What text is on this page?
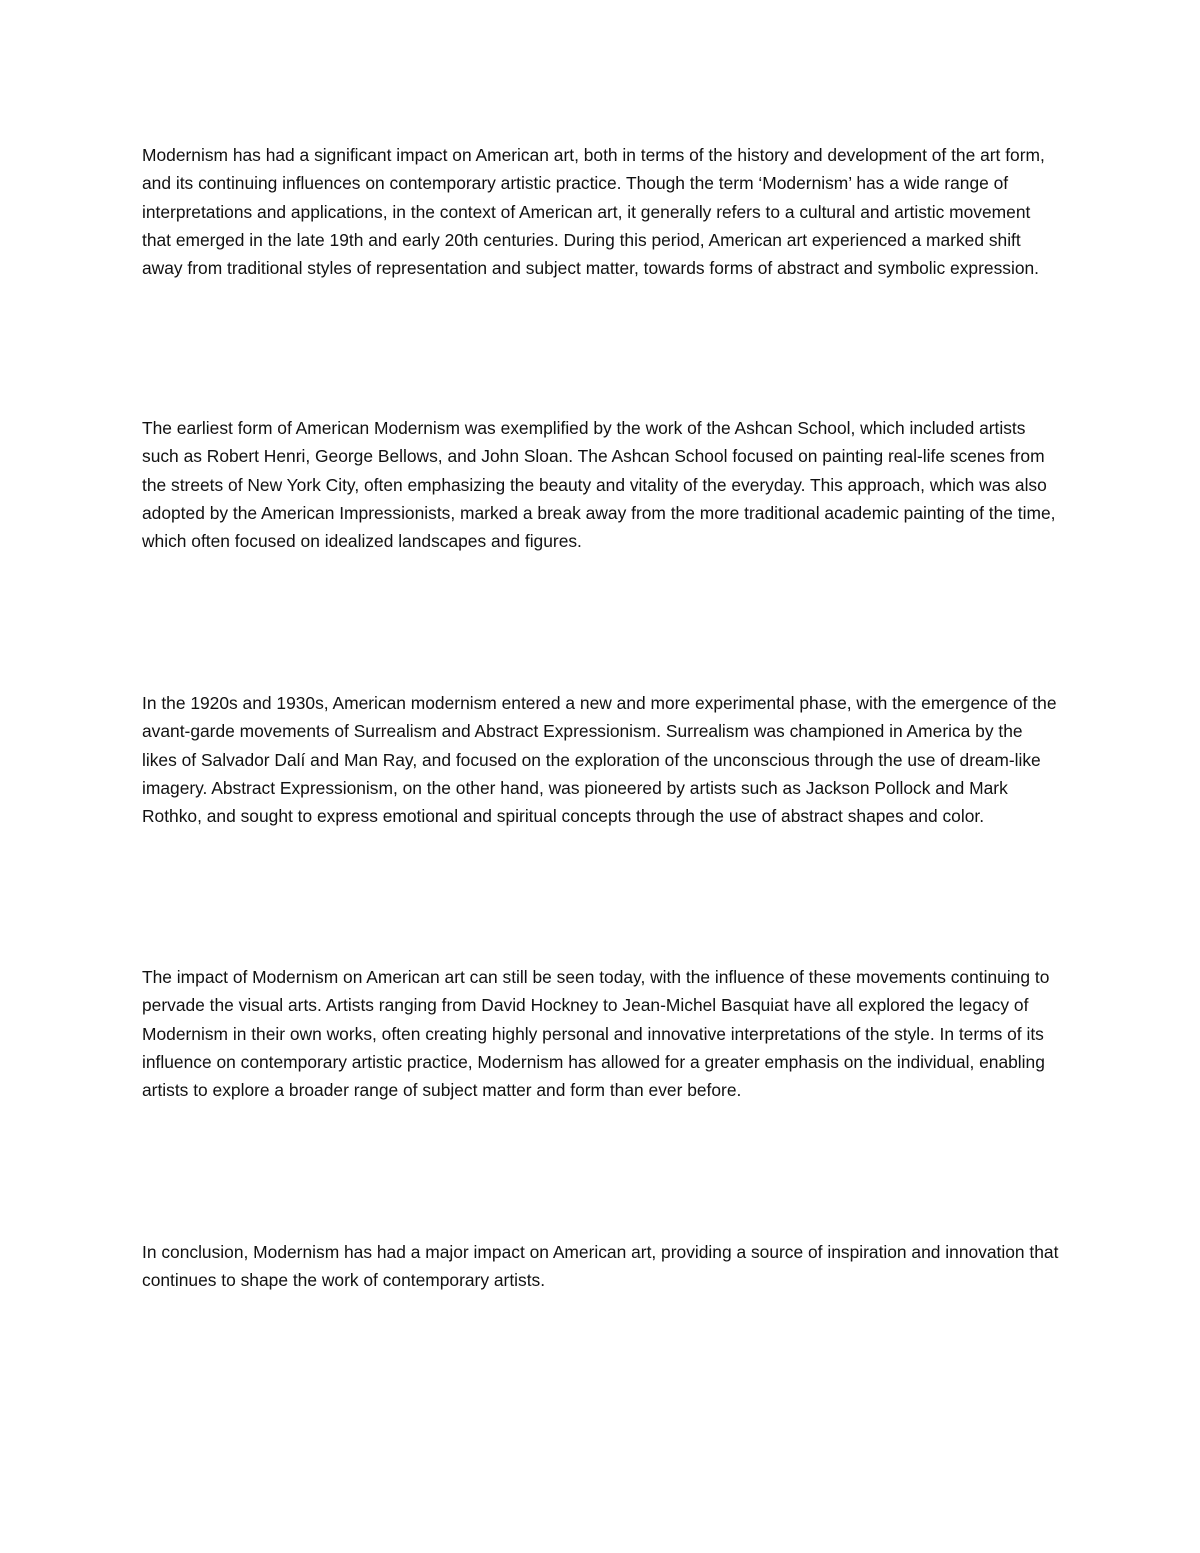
Modernism has had a significant impact on American art, both in terms of the history and development of the art form, and its continuing influences on contemporary artistic practice. Though the term ‘Modernism’ has a wide range of interpretations and applications, in the context of American art, it generally refers to a cultural and artistic movement that emerged in the late 19th and early 20th centuries. During this period, American art experienced a marked shift away from traditional styles of representation and subject matter, towards forms of abstract and symbolic expression.

The earliest form of American Modernism was exemplified by the work of the Ashcan School, which included artists such as Robert Henri, George Bellows, and John Sloan. The Ashcan School focused on painting real-life scenes from the streets of New York City, often emphasizing the beauty and vitality of the everyday. This approach, which was also adopted by the American Impressionists, marked a break away from the more traditional academic painting of the time, which often focused on idealized landscapes and figures.

In the 1920s and 1930s, American modernism entered a new and more experimental phase, with the emergence of the avant-garde movements of Surrealism and Abstract Expressionism. Surrealism was championed in America by the likes of Salvador Dalí and Man Ray, and focused on the exploration of the unconscious through the use of dream-like imagery. Abstract Expressionism, on the other hand, was pioneered by artists such as Jackson Pollock and Mark Rothko, and sought to express emotional and spiritual concepts through the use of abstract shapes and color.

The impact of Modernism on American art can still be seen today, with the influence of these movements continuing to pervade the visual arts. Artists ranging from David Hockney to Jean-Michel Basquiat have all explored the legacy of Modernism in their own works, often creating highly personal and innovative interpretations of the style. In terms of its influence on contemporary artistic practice, Modernism has allowed for a greater emphasis on the individual, enabling artists to explore a broader range of subject matter and form than ever before.

In conclusion, Modernism has had a major impact on American art, providing a source of inspiration and innovation that continues to shape the work of contemporary artists.
